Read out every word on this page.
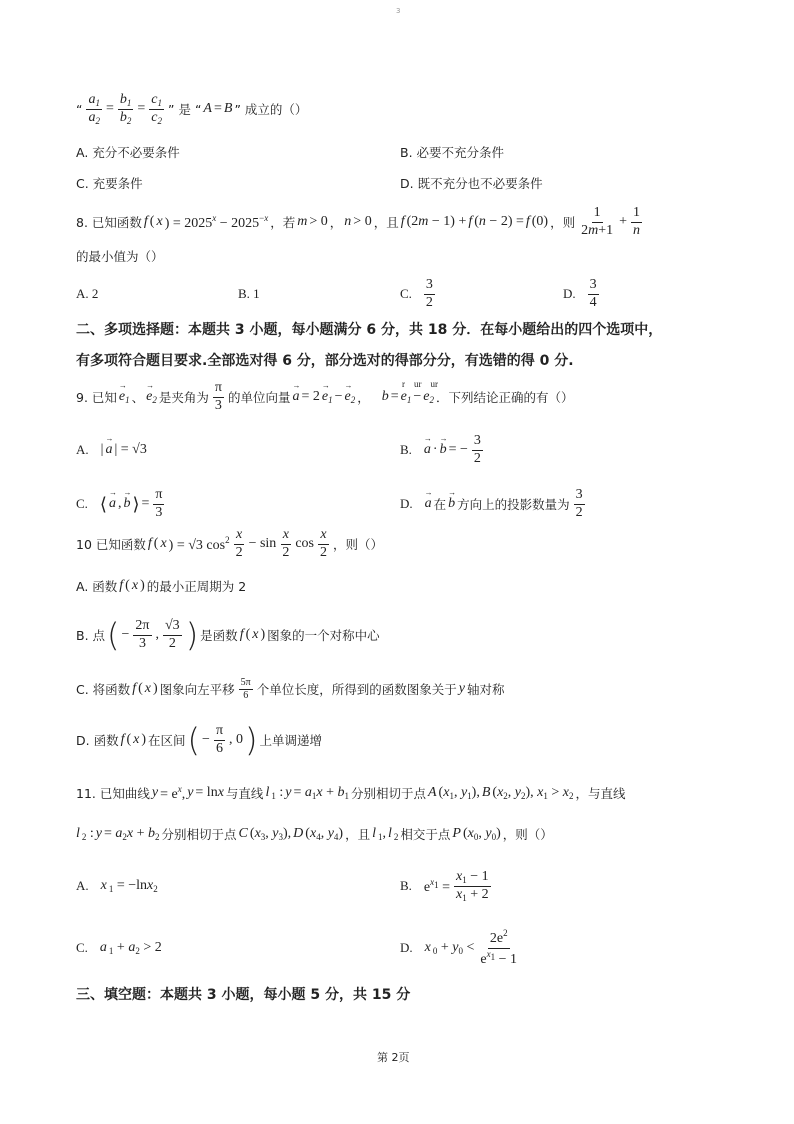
3
“ $\frac{a_1}{a_2} = \frac{b_1}{b_2} = \frac{c_1}{c_2}$ ” 是 “ A = B ” 成立的（）
A. 充分不必要条件	B. 必要不充分条件
C. 充要条件	D. 既不充分也不必要条件
8. 已知函数 f ( x ) = $2025^x - 2025^{-x}$ ，若 m > 0 ， n > 0 ，且 f (2m − 1) + f (n − 2) = f (0) ，则 $\frac{1}{2m+1} + \frac{1}{n}$
的最小值为（）
A. 2	B. 1	C. $\frac{3}{2}$	D. $\frac{3}{4}$
二、多项选择题：本题共 3 小题，每小题满分 6 分，共 18 分．在每小题给出的四个选项中，
有多项符合题目要求.全部选对得 6 分，部分选对的得部分分，有选错的得 0 分.
r    ur    ur
9. 已知
→ $e_1$ 、
→ $e_2$ 是夹角为 $\frac{\pi}{3}$ 的单位向量
→ a = 2
→ $e_1$ −
→ $e_2$ ， $b = e_1 - e_2$ ．下列结论正确的有（）
A. |
→ a | = √3	B.
→ a ·
→ b = − $\frac{3}{2}$
C. ⟨
→ a ,
→ b ⟩ = $\frac{\pi}{3}$	D.
→ a 在
→ b 方向上的投影数量为 $\frac{3}{2}$
10 已知函数 f ( x ) = √3 $\cos^2 \frac{x}{2} - \sin \frac{x}{2}$ $\cos \frac{x}{2}$ ，则（）
A. 函数 f ( x ) 的最小正周期为 2
B. 点 ( − $\frac{2\pi}{3}$ , $\frac{√3}{2}$ ) 是函数 f ( x ) 图象的一个对称中心
C. 将函数 f ( x ) 图象向左平移 $\frac{5\pi}{6}$ 个单位长度，所得到的函数图象关于 y 轴对称
D. 函数 f ( x ) 在区间 ( − $\frac{\pi}{6}$ , 0 ) 上单调递增
11. 已知曲线 $y = e^x$, y = lnx 与直线 l $_1$ : $y = a_1x + b_1$ 分别相切于点 A ($x_1$, $y_1$), B ($x_2$, $y_2$), $x_1 > x_2$ ，与直线
l $_2$ : $y = a_2x + b_2$ 分别相切于点 C ($x_3$, $y_3$), D ($x_4$, $y_4$) ，且 l $_1$, l $_2$ 相交于点 P ($x_0$, $y_0$) ，则（）
A. x $_1$ = −lnx$_2$	B. $e^{x_1} = \frac{x_1 - 1}{x_1 + 2}$
C. a $_1 + a_2 > 2$	D. x $_0 + y_0 < \frac{2e^2}{e^{x_1} - 1}$
三、填空题：本题共 3 小题，每小题 5 分，共 15 分
第 2页
